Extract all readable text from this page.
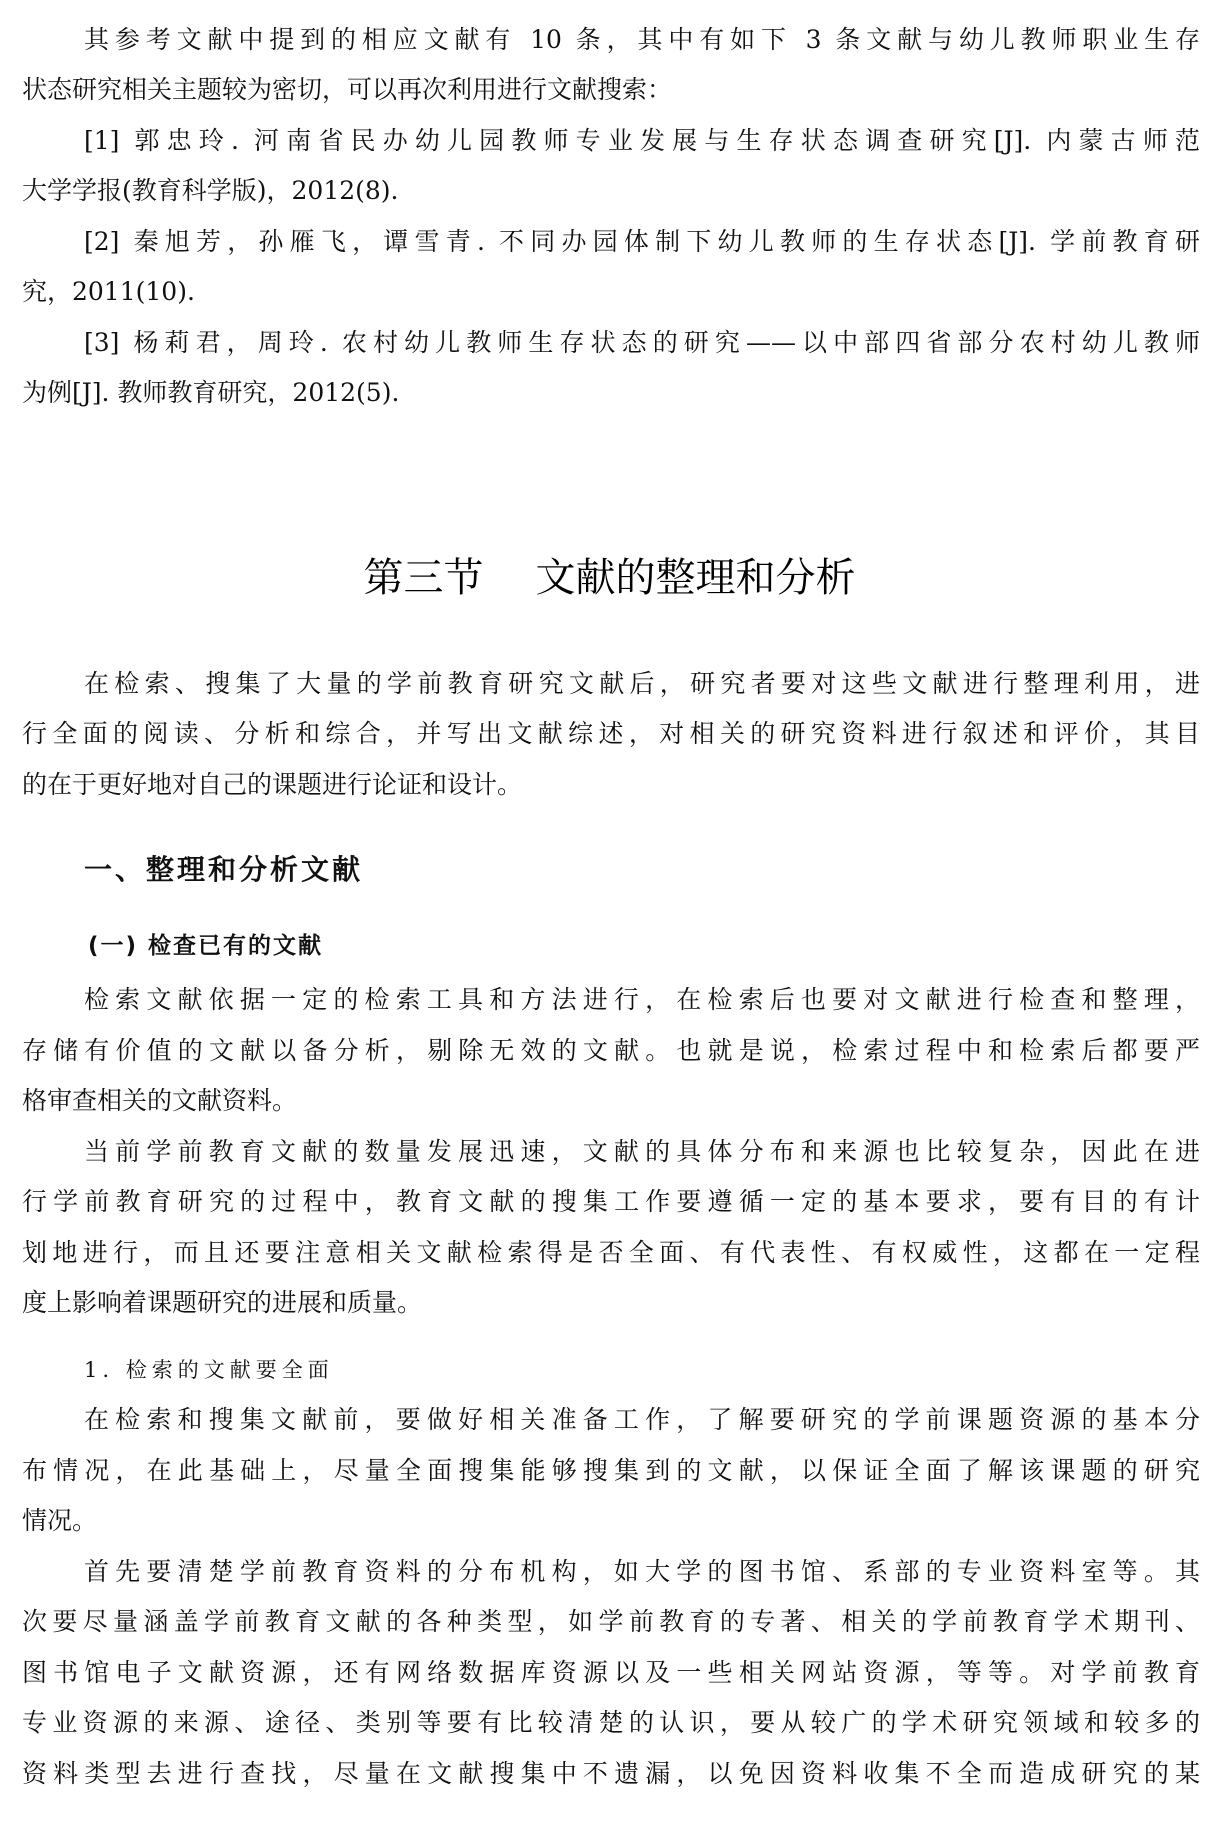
其参考文献中提到的相应文献有 10 条，其中有如下 3 条文献与幼儿教师职业生存
状态研究相关主题较为密切，可以再次利用进行文献搜索：
[1] 郭忠玲. 河南省民办幼儿园教师专业发展与生存状态调查研究[J]. 内蒙古师范
大学学报(教育科学版)，2012(8).
[2] 秦旭芳，孙雁飞，谭雪青. 不同办园体制下幼儿教师的生存状态[J]. 学前教育研
究，2011(10).
[3] 杨莉君，周玲. 农村幼儿教师生存状态的研究——以中部四省部分农村幼儿教师
为例[J]. 教师教育研究，2012(5).
第三节 文献的整理和分析
在检索、搜集了大量的学前教育研究文献后，研究者要对这些文献进行整理利用，进
行全面的阅读、分析和综合，并写出文献综述，对相关的研究资料进行叙述和评价，其目
的在于更好地对自己的课题进行论证和设计。
一、整理和分析文献
(一) 检查已有的文献
检索文献依据一定的检索工具和方法进行，在检索后也要对文献进行检查和整理，
存储有价值的文献以备分析，剔除无效的文献。也就是说，检索过程中和检索后都要严
格审查相关的文献资料。
当前学前教育文献的数量发展迅速，文献的具体分布和来源也比较复杂，因此在进
行学前教育研究的过程中，教育文献的搜集工作要遵循一定的基本要求，要有目的有计
划地进行，而且还要注意相关文献检索得是否全面、有代表性、有权威性，这都在一定程
度上影响着课题研究的进展和质量。
1. 检索的文献要全面
在检索和搜集文献前，要做好相关准备工作，了解要研究的学前课题资源的基本分
布情况，在此基础上，尽量全面搜集能够搜集到的文献，以保证全面了解该课题的研究
情况。
首先要清楚学前教育资料的分布机构，如大学的图书馆、系部的专业资料室等。其
次要尽量涵盖学前教育文献的各种类型，如学前教育的专著、相关的学前教育学术期刊、
图书馆电子文献资源，还有网络数据库资源以及一些相关网站资源，等等。对学前教育
专业资源的来源、途径、类别等要有比较清楚的认识，要从较广的学术研究领域和较多的
资料类型去进行查找，尽量在文献搜集中不遗漏，以免因资料收集不全而造成研究的某
